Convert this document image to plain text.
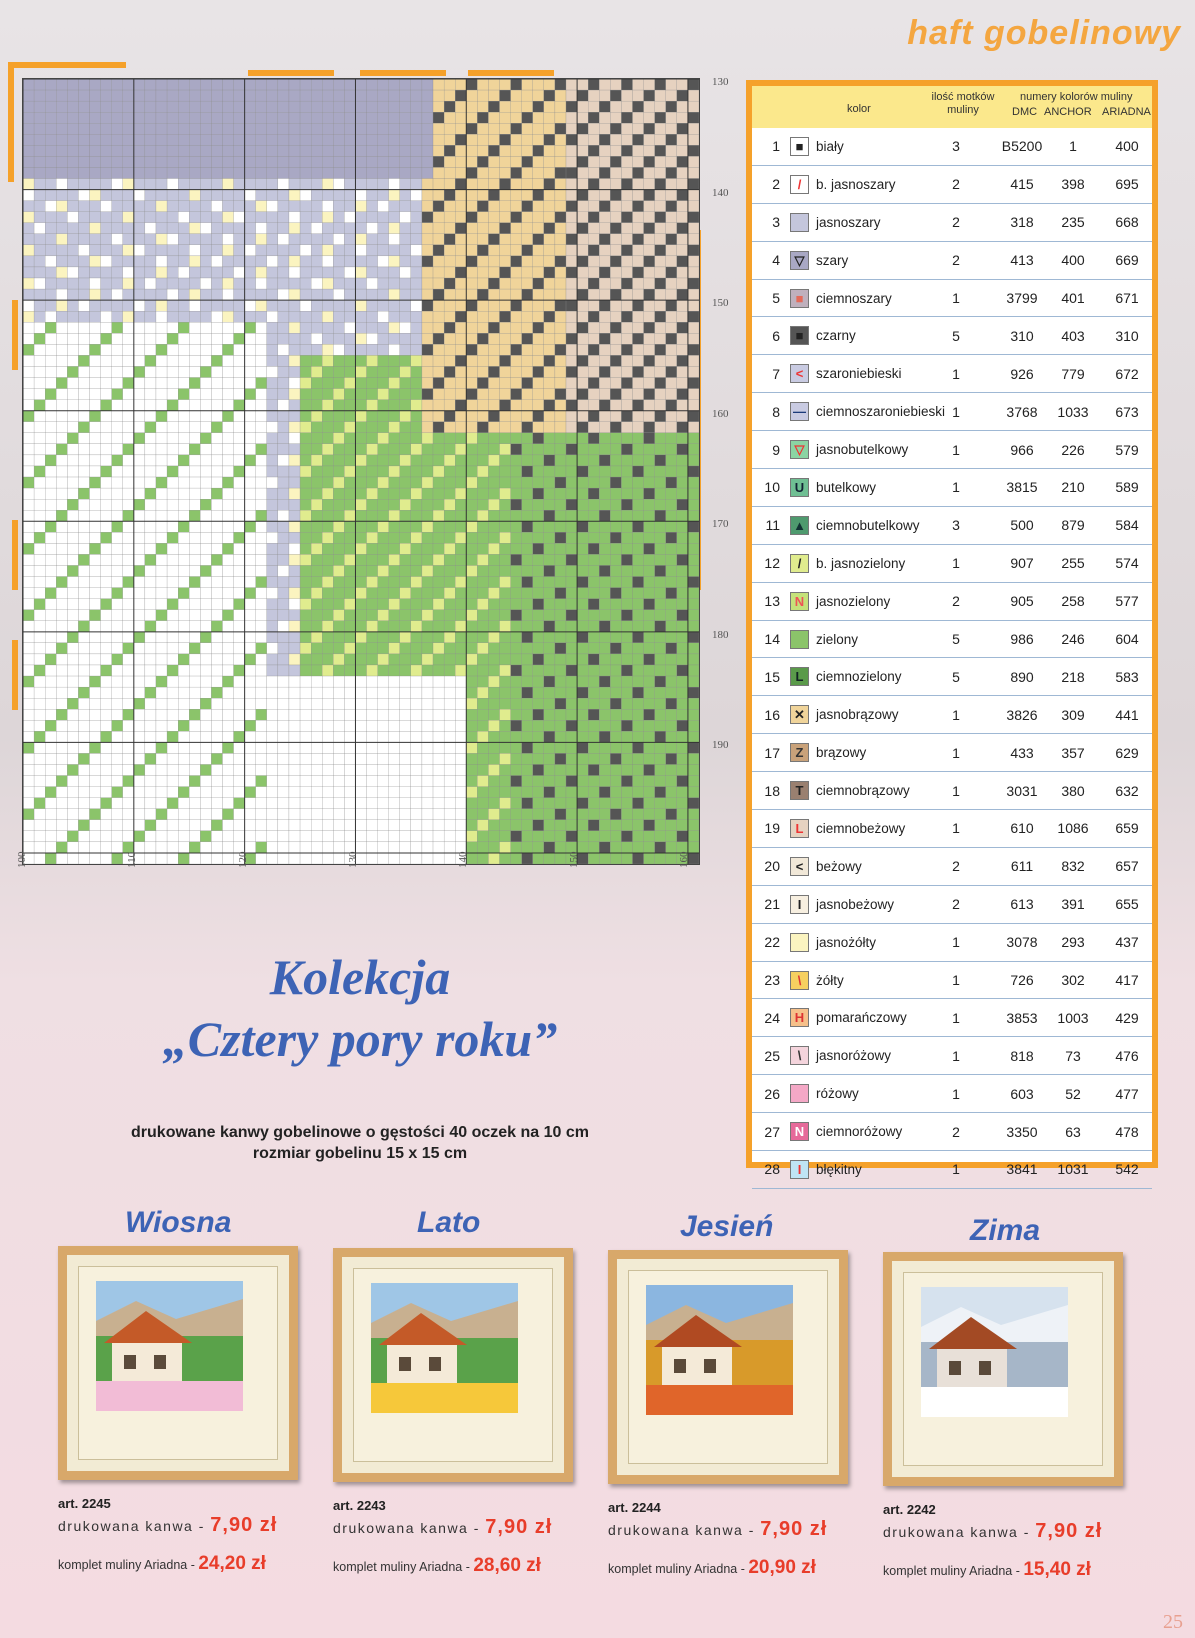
haft gobelinowy
130
140
150
160
170
180
190
100	110	120	130	140	150	160
kolor
ilość motków
muliny
numery kolorów muliny
DMC ANCHOR ARIADNA
1	■ biały	3	B5200	1	400
2	/	b. jasnoszary	2	415	398	695
3	jasnoszary	2	318	235	668
4	▽ szary	2	413	400	669
5	■ ciemnoszary	1	3799	401	671
6	■ czarny	5	310	403	310
7	< szaroniebieski	1	926	779	672
8 — ciemnoszaroniebieski 1	3768	1033	673
9	▽ jasnobutelkowy	1	966	226	579
10	U butelkowy	1	3815	210	589
11 ▲ ciemnobutelkowy	3	500	879	584
12	/	b. jasnozielony	1	907	255	574
13	N jasnozielony	2	905	258	577
14	zielony	5	986	246	604
15	L ciemnozielony	5	890	218	583
16	✕ jasnobrązowy	1	3826	309	441
17	Z brązowy	1	433	357	629
18	T ciemnobrązowy	1	3031	380	632
19	L ciemnobeżowy	1	610	1086	659
20	< beżowy	2	611	832	657
21	I	jasnobeżowy	2	613	391	655
22	jasnożółty	1	3078	293	437
23	\	żółty	1	726	302	417
24	H pomarańczowy	1	3853	1003	429
25	\	jasnoróżowy	1	818	73	476
26	różowy	1	603	52	477
27	N ciemnoróżowy	2	3350	63	478
28	I	błękitny	1	3841	1031	542
Kolekcja
„Cztery pory roku”
drukowane kanwy gobelinowe o gęstości 40 oczek na 10 cm
rozmiar gobelinu 15 x 15 cm
Wiosna
art. 2245
drukowana kanwa - 7,90 zł
komplet muliny Ariadna - 24,20 zł
Lato
art. 2243
drukowana kanwa - 7,90 zł
komplet muliny Ariadna - 28,60 zł
Jesień
art. 2244
drukowana kanwa - 7,90 zł
komplet muliny Ariadna - 20,90 zł
Zima
art. 2242
drukowana kanwa - 7,90 zł
komplet muliny Ariadna - 15,40 zł
25
